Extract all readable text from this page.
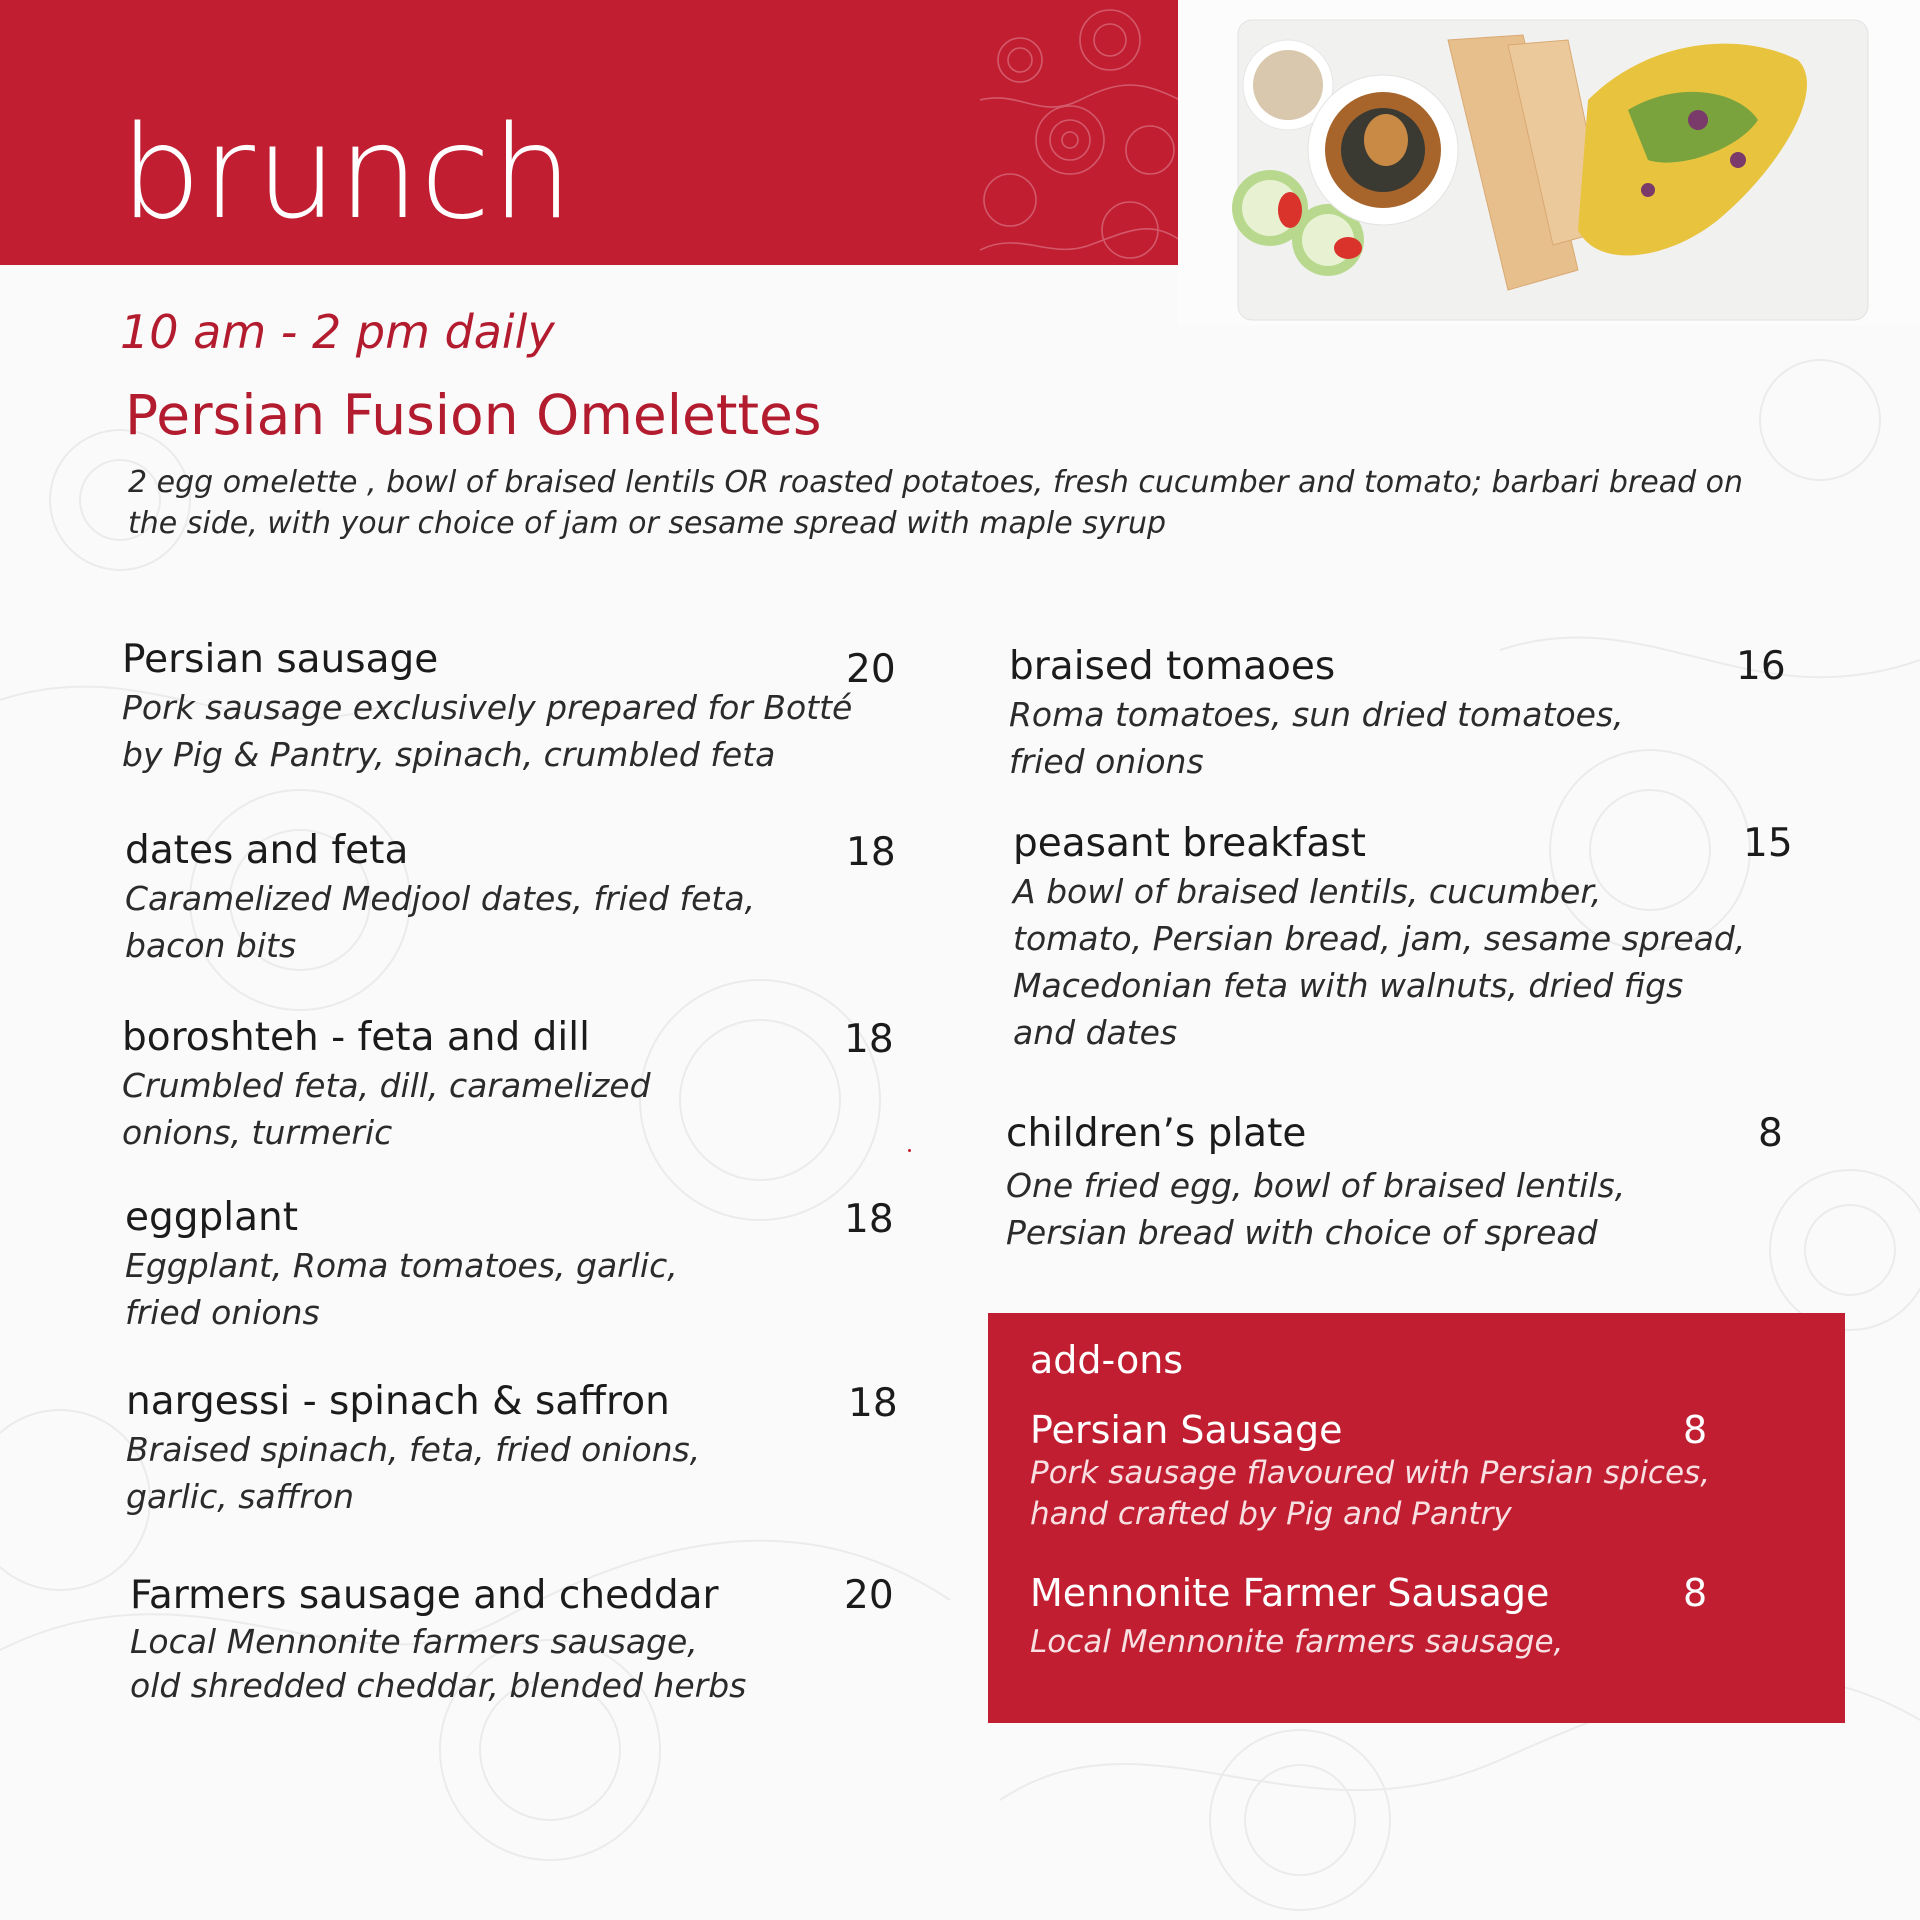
brunch
10 am - 2 pm daily
Persian Fusion Omelettes
2 egg omelette , bowl of braised lentils OR roasted potatoes, fresh cucumber and tomato; barbari bread on the side, with your choice of jam or sesame spread with maple syrup
Persian sausage	20
Pork sausage exclusively prepared for Botté
by Pig & Pantry, spinach, crumbled feta
dates and feta	18
Caramelized Medjool dates, fried feta,
bacon bits
boroshteh - feta and dill	18
Crumbled feta, dill, caramelized
onions, turmeric
eggplant	18
Eggplant, Roma tomatoes, garlic,
fried onions
nargessi - spinach & saffron	18
Braised spinach, feta, fried onions,
garlic, saffron
Farmers sausage and cheddar	20
Local Mennonite farmers sausage,
old shredded cheddar, blended herbs
braised tomaoes	16
Roma tomatoes, sun dried tomatoes,
fried onions
peasant breakfast	15
A bowl of braised lentils, cucumber,
tomato, Persian bread, jam, sesame spread,
Macedonian feta with walnuts, dried figs
and dates
children’s plate	8
One fried egg, bowl of braised lentils,
Persian bread with choice of spread
add-ons
Persian Sausage	8
Pork sausage flavoured with Persian spices,
hand crafted by Pig and Pantry
Mennonite Farmer Sausage	8
Local Mennonite farmers sausage,
